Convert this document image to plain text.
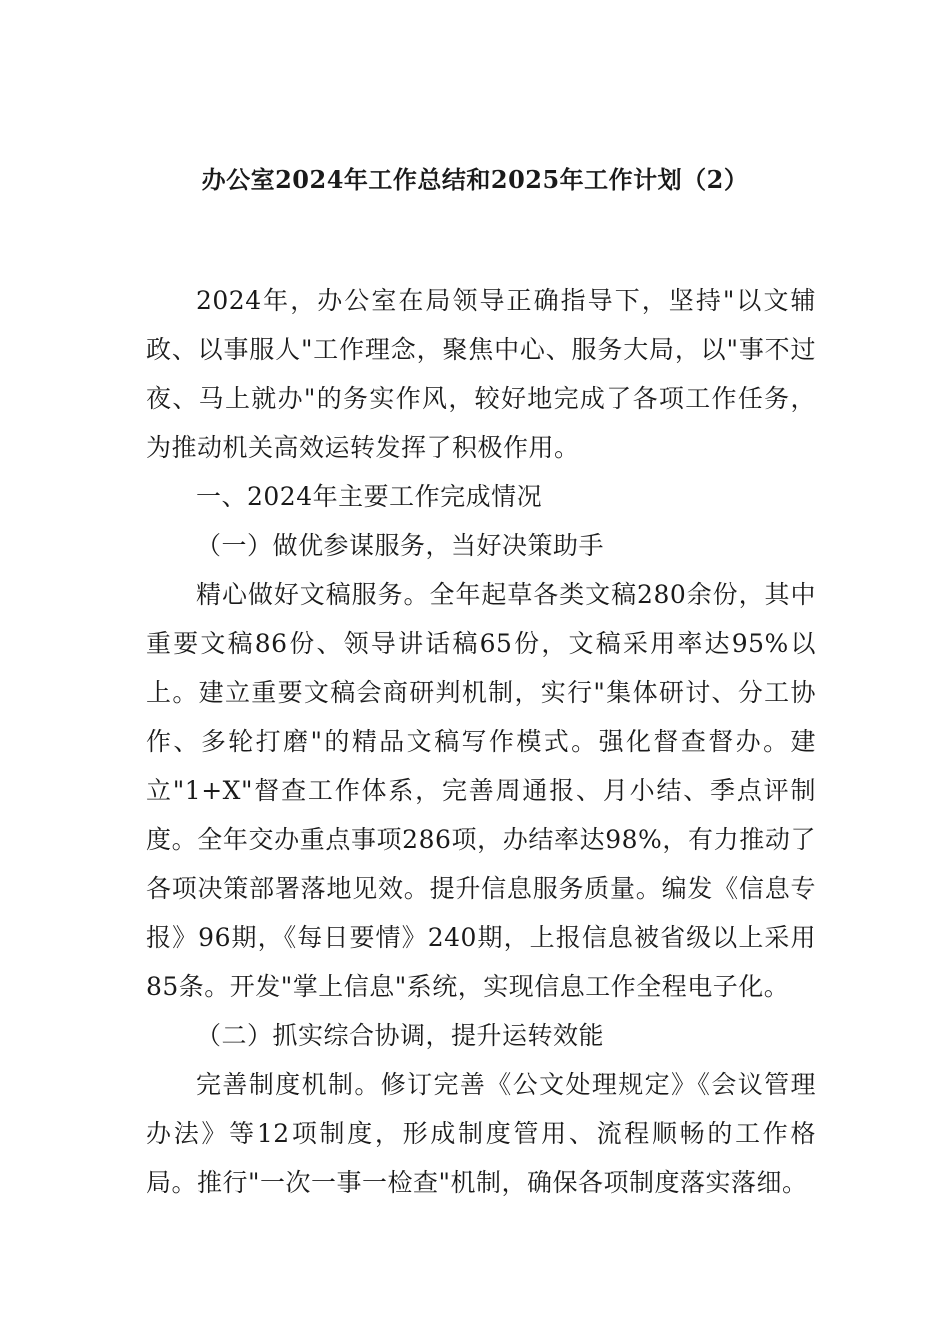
办公室2024年工作总结和2025年工作计划（2）

2024年，办公室在局领导正确指导下，坚持"以文辅政、以事服人"工作理念，聚焦中心、服务大局，以"事不过夜、马上就办"的务实作风，较好地完成了各项工作任务，为推动机关高效运转发挥了积极作用。

一、2024年主要工作完成情况

（一）做优参谋服务，当好决策助手

精心做好文稿服务。全年起草各类文稿280余份，其中重要文稿86份、领导讲话稿65份，文稿采用率达95%以上。建立重要文稿会商研判机制，实行"集体研讨、分工协作、多轮打磨"的精品文稿写作模式。强化督查督办。建立"1+X"督查工作体系，完善周通报、月小结、季点评制度。全年交办重点事项286项，办结率达98%，有力推动了各项决策部署落地见效。提升信息服务质量。编发《信息专报》96期，《每日要情》240期，上报信息被省级以上采用85条。开发"掌上信息"系统，实现信息工作全程电子化。

（二）抓实综合协调，提升运转效能

完善制度机制。修订完善《公文处理规定》《会议管理办法》等12项制度，形成制度管用、流程顺畅的工作格局。推行"一次一事一检查"机制，确保各项制度落实落细。
